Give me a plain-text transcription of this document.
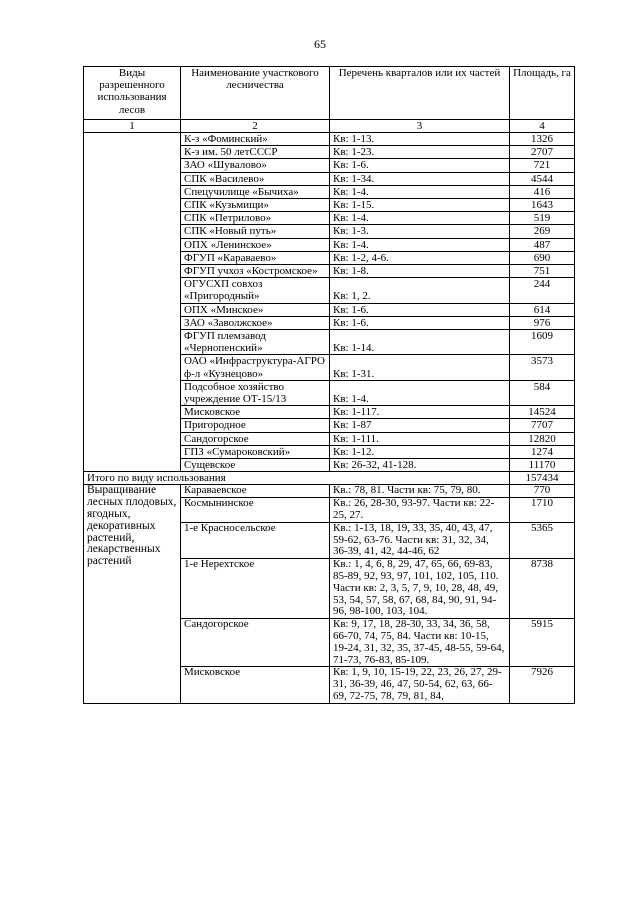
65
Виды разрешенного использования лесов	Наименование участкового лесничества	Перечень кварталов или их частей	Площадь, га
1	2	3	4
	К-з «Фоминский»	Кв: 1-13.	1326
	К-з им. 50 летСССР	Кв: 1-23.	2707
	ЗАО «Шувалово»	Кв: 1-6.	721
	СПК «Василево»	Кв: 1-34.	4544
	Спецучилище «Бычиха»	Кв: 1-4.	416
	СПК «Кузьмищи»	Кв: 1-15.	1643
	СПК «Петрилово»	Кв: 1-4.	519
	СПК «Новый путь»	Кв: 1-3.	269
	ОПХ «Ленинское»	Кв: 1-4.	487
	ФГУП «Караваево»	Кв: 1-2, 4-6.	690
	ФГУП учхоз «Костромское»	Кв: 1-8.	751
	ОГУСХП совхоз «Пригородный»	Кв: 1, 2.	244
	ОПХ «Минское»	Кв: 1-6.	614
	ЗАО «Заволжское»	Кв: 1-6.	976
	ФГУП племзавод «Чернопенский»	Кв: 1-14.	1609
	ОАО «Инфраструктура-АГРО ф-л «Кузнецово»	Кв: 1-31.	3573
	Подсобное хозяйство учреждение ОТ-15/13	Кв: 1-4.	584
	Мисковское	Кв: 1-117.	14524
	Пригородное	Кв: 1-87	7707
	Сандогорское	Кв: 1-111.	12820
	ГПЗ «Сумароковский»	Кв: 1-12.	1274
	Сущевское	Кв: 26-32, 41-128.	11170
Итого по виду использования			157434
Выращивание лесных плодовых, ягодных, декоративных растений, лекарственных растений	Караваевское	Кв.: 78, 81. Части кв: 75, 79, 80.	770
	Космынинское	Кв.: 26, 28-30, 93-97. Части кв: 22-25, 27.	1710
	1-е Красносельское	Кв.: 1-13, 18, 19, 33, 35, 40, 43, 47, 59-62, 63-76. Части кв: 31, 32, 34, 36-39, 41, 42, 44-46, 62	5365
	1-е Нерехтское	Кв.: 1, 4, 6, 8, 29, 47, 65, 66, 69-83, 85-89, 92, 93, 97, 101, 102, 105, 110. Части кв: 2, 3, 5, 7, 9, 10, 28, 48, 49, 53, 54, 57, 58, 67, 68, 84, 90, 91, 94-96, 98-100, 103, 104.	8738
	Сандогорское	Кв: 9, 17, 18, 28-30, 33, 34, 36, 58, 66-70, 74, 75, 84. Части кв: 10-15, 19-24, 31, 32, 35, 37-45, 48-55, 59-64, 71-73, 76-83, 85-109.	5915
	Мисковское	Кв: 1, 9, 10, 15-19, 22, 23, 26, 27, 29-31, 36-39, 46, 47, 50-54, 62, 63, 66-69, 72-75, 78, 79, 81, 84,	7926
